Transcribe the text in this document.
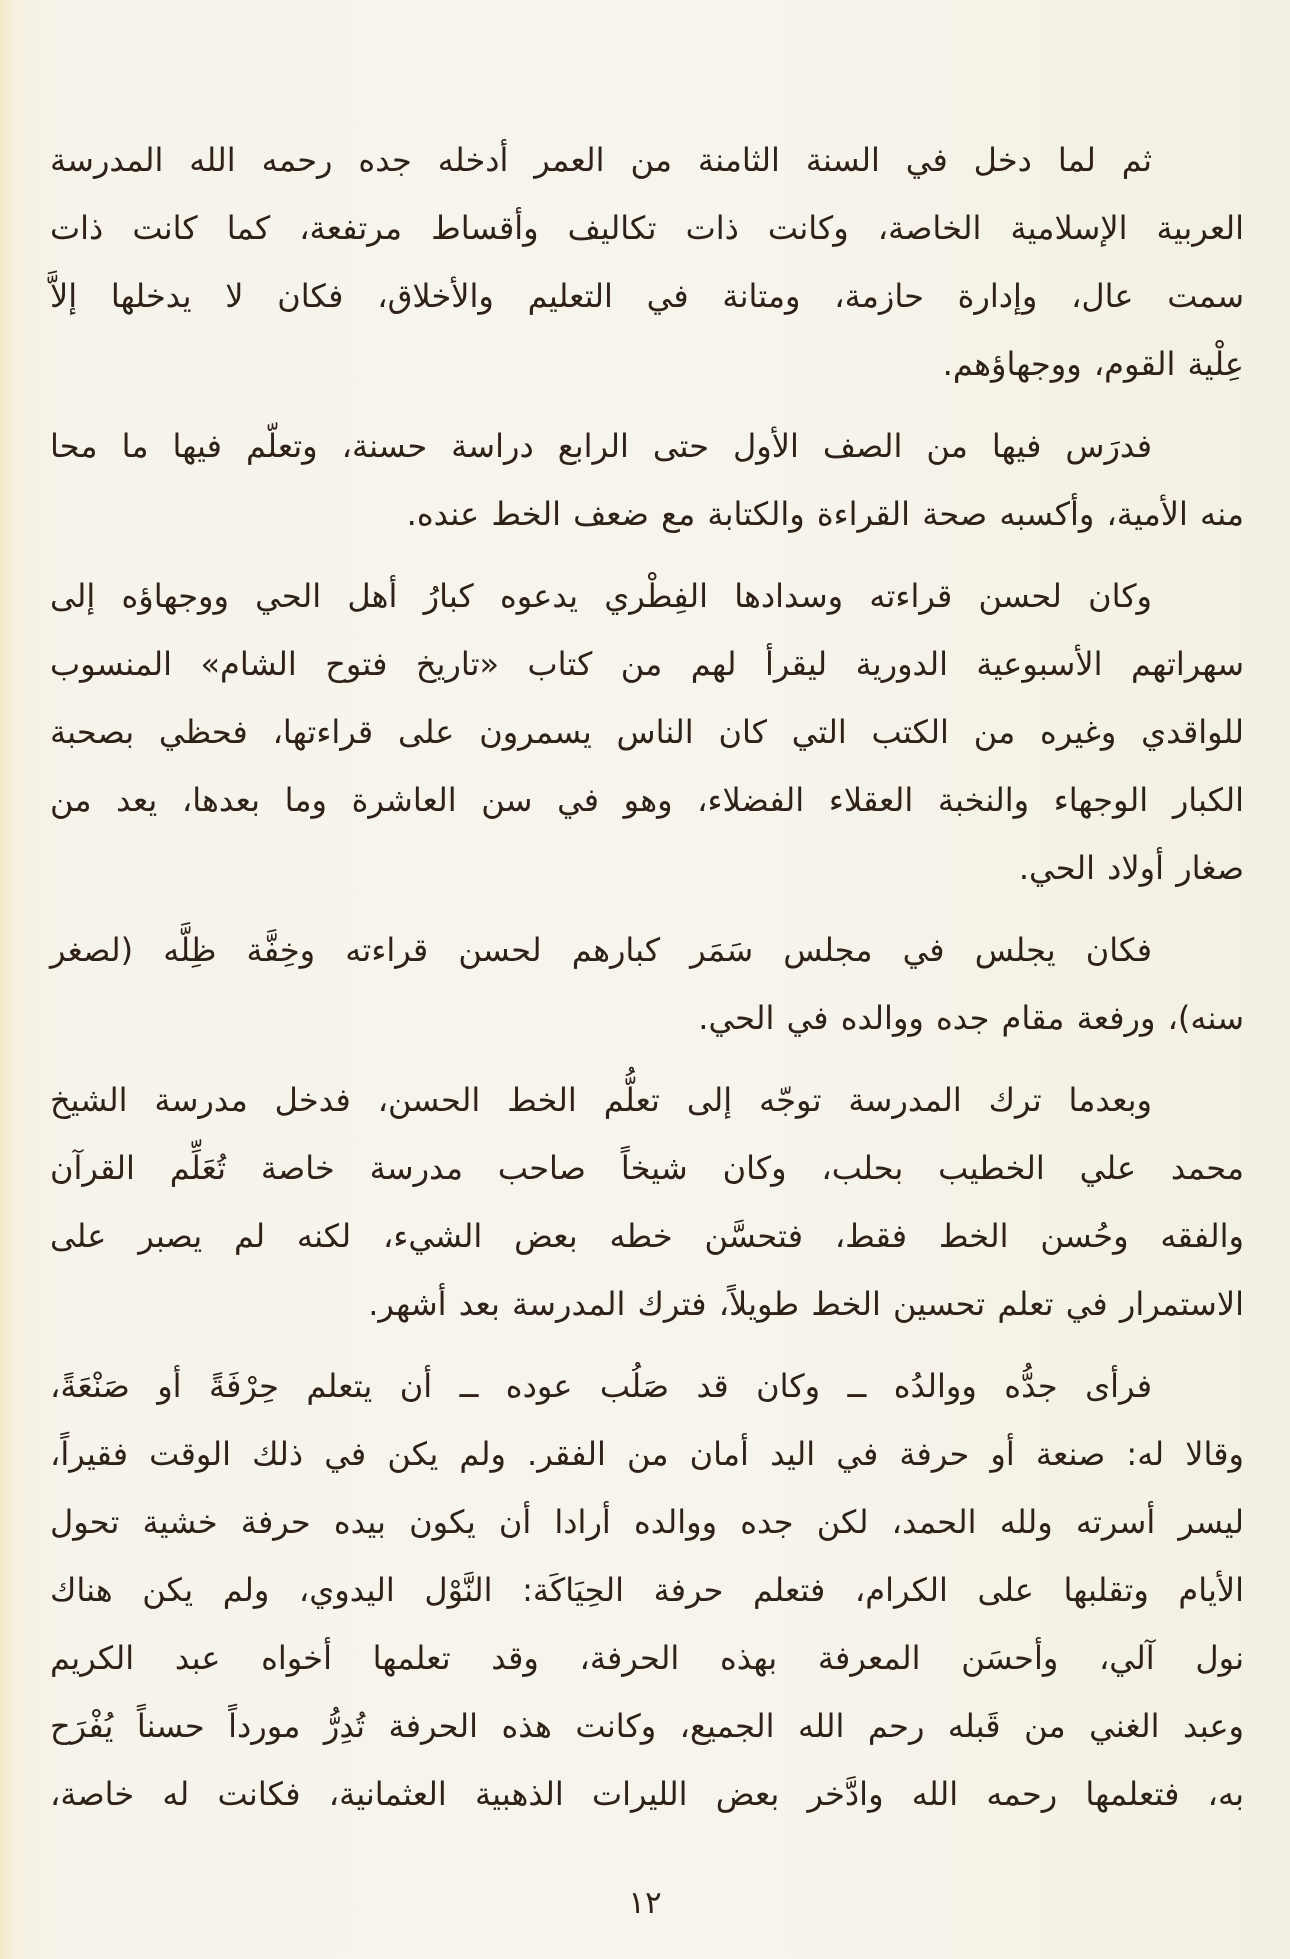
ثم لما دخل في السنة الثامنة من العمر أدخله جده رحمه الله المدرسة
العربية الإسلامية الخاصة، وكانت ذات تكاليف وأقساط مرتفعة، كما كانت ذات
سمت عال، وإدارة حازمة، ومتانة في التعليم والأخلاق، فكان لا يدخلها إلاَّ
عِلْية القوم، ووجهاؤهم.
فدرَس فيها من الصف الأول حتى الرابع دراسة حسنة، وتعلّم فيها ما محا
منه الأمية، وأكسبه صحة القراءة والكتابة مع ضعف الخط عنده.
وكان لحسن قراءته وسدادها الفِطْري يدعوه كبارُ أهل الحي ووجهاؤه إلى
سهراتهم الأسبوعية الدورية ليقرأ لهم من كتاب «تاريخ فتوح الشام» المنسوب
للواقدي وغيره من الكتب التي كان الناس يسمرون على قراءتها، فحظي بصحبة
الكبار الوجهاء والنخبة العقلاء الفضلاء، وهو في سن العاشرة وما بعدها، يعد من
صغار أولاد الحي.
فكان يجلس في مجلس سَمَر كبارهم لحسن قراءته وخِفَّة ظِلَّه (لصغر
سنه)، ورفعة مقام جده ووالده في الحي.
وبعدما ترك المدرسة توجّه إلى تعلُّم الخط الحسن، فدخل مدرسة الشيخ
محمد علي الخطيب بحلب، وكان شيخاً صاحب مدرسة خاصة تُعَلِّم القرآن
والفقه وحُسن الخط فقط، فتحسَّن خطه بعض الشيء، لكنه لم يصبر على
الاستمرار في تعلم تحسين الخط طويلاً، فترك المدرسة بعد أشهر.
فرأى جدُّه ووالدُه ــ وكان قد صَلُب عوده ــ أن يتعلم حِرْفَةً أو صَنْعَةً،
وقالا له: صنعة أو حرفة في اليد أمان من الفقر. ولم يكن في ذلك الوقت فقيراً،
ليسر أسرته ولله الحمد، لكن جده ووالده أرادا أن يكون بيده حرفة خشية تحول
الأيام وتقلبها على الكرام، فتعلم حرفة الحِيَاكَة: النَّوْل اليدوي، ولم يكن هناك
نول آلي، وأحسَن المعرفة بهذه الحرفة، وقد تعلمها أخواه عبد الكريم
وعبد الغني من قَبله رحم الله الجميع، وكانت هذه الحرفة تُدِرُّ مورداً حسناً يُفْرَح
به، فتعلمها رحمه الله وادَّخر بعض الليرات الذهبية العثمانية، فكانت له خاصة،
١٢
